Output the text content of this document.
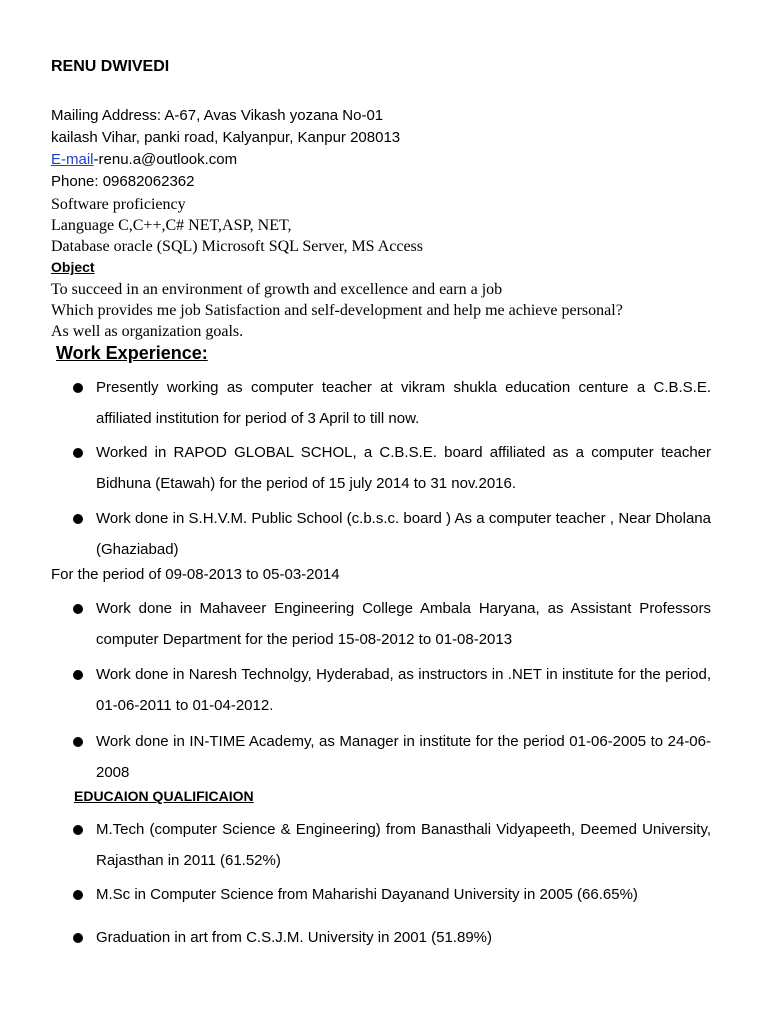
RENU DWIVEDI
Mailing Address: A-67, Avas Vikash yozana No-01
kailash Vihar, panki road, Kalyanpur, Kanpur 208013
E-mail-renu.a@outlook.com
Phone: 09682062362
Software proficiency
Language C,C++,C# NET,ASP, NET,
Database oracle (SQL) Microsoft SQL Server, MS Access
Object
To succeed in an environment of growth and excellence and earn a job
Which provides me job Satisfaction and self-development and help me achieve personal?
As well as organization goals.
Work Experience:
Presently working as computer teacher at vikram shukla education centure a C.B.S.E. affiliated institution for period of 3 April to till now.
Worked in RAPOD GLOBAL SCHOL, a C.B.S.E. board affiliated as a computer teacher Bidhuna (Etawah) for the period of 15 july 2014 to 31 nov.2016.
Work done in S.H.V.M. Public School (c.b.s.c. board ) As a computer teacher , Near Dholana (Ghaziabad)
For the period of 09-08-2013 to 05-03-2014
Work done in Mahaveer Engineering College Ambala Haryana, as Assistant Professors computer Department for the period 15-08-2012 to 01-08-2013
Work done in Naresh Technolgy, Hyderabad, as instructors in .NET in institute for the period, 01-06-2011 to 01-04-2012.
Work done in IN-TIME Academy, as Manager in institute for the period 01-06-2005 to 24-06-2008
EDUCAION QUALIFICAION
M.Tech (computer Science & Engineering) from Banasthali Vidyapeeth, Deemed University, Rajasthan in 2011 (61.52%)
M.Sc in Computer Science from Maharishi Dayanand University in 2005 (66.65%)
Graduation in art from C.S.J.M. University in 2001 (51.89%)
